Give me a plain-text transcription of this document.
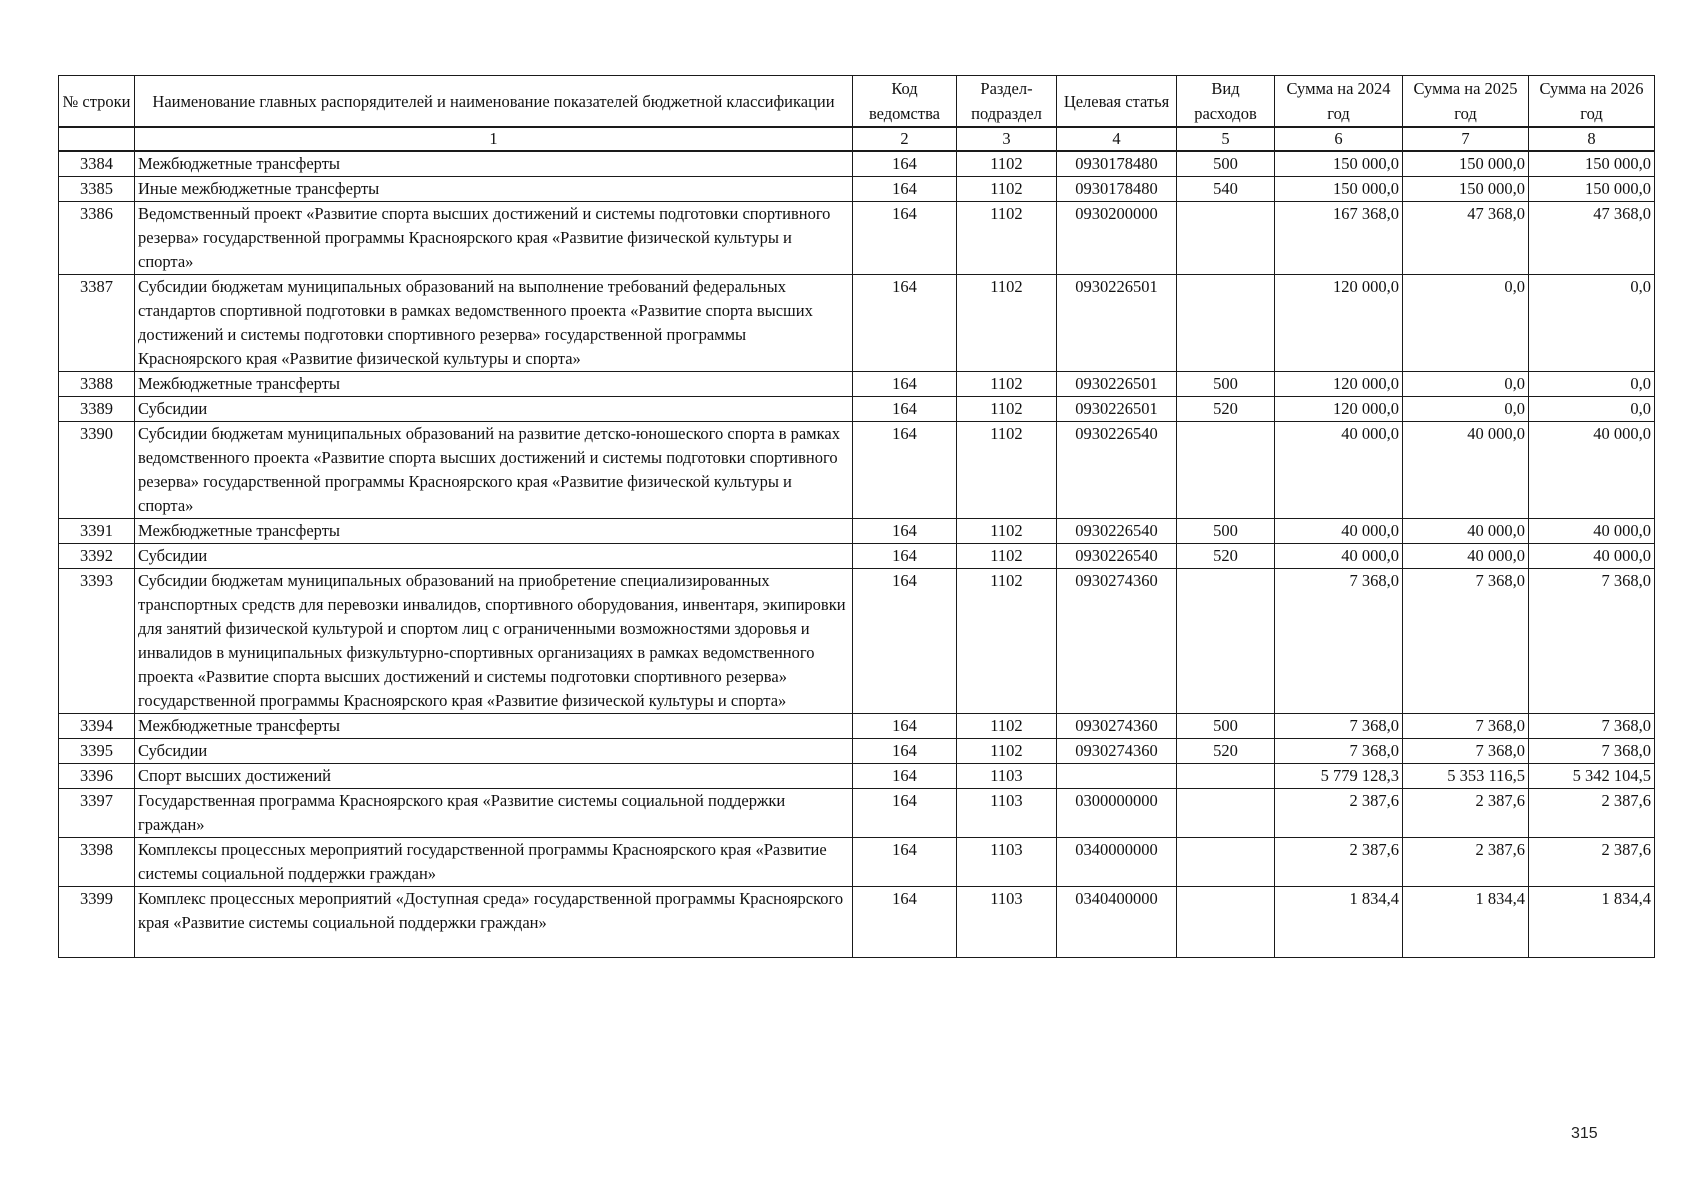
№ строки	Наименование главных распорядителей и наименование показателей бюджетной классификации	Код ведомства	Раздел-подраздел	Целевая статья	Вид расходов	Сумма на 2024 год	Сумма на 2025 год	Сумма на 2026 год
	1	2	3	4	5	6	7	8
3384	Межбюджетные трансферты	164	1102	0930178480	500	150 000,0	150 000,0	150 000,0
3385	Иные межбюджетные трансферты	164	1102	0930178480	540	150 000,0	150 000,0	150 000,0
3386	Ведомственный проект «Развитие спорта высших достижений и системы подготовки спортивного резерва» государственной программы Красноярского края «Развитие физической культуры и спорта»	164	1102	0930200000		167 368,0	47 368,0	47 368,0
3387	Субсидии бюджетам муниципальных образований на выполнение требований федеральных стандартов спортивной подготовки в рамках ведомственного проекта «Развитие спорта высших достижений и системы подготовки спортивного резерва» государственной программы Красноярского края «Развитие физической культуры и спорта»	164	1102	0930226501		120 000,0	0,0	0,0
3388	Межбюджетные трансферты	164	1102	0930226501	500	120 000,0	0,0	0,0
3389	Субсидии	164	1102	0930226501	520	120 000,0	0,0	0,0
3390	Субсидии бюджетам муниципальных образований на развитие детско-юношеского спорта в рамках ведомственного проекта «Развитие спорта высших достижений и системы подготовки спортивного резерва» государственной программы Красноярского края «Развитие физической культуры и спорта»	164	1102	0930226540		40 000,0	40 000,0	40 000,0
3391	Межбюджетные трансферты	164	1102	0930226540	500	40 000,0	40 000,0	40 000,0
3392	Субсидии	164	1102	0930226540	520	40 000,0	40 000,0	40 000,0
3393	Субсидии бюджетам муниципальных образований на приобретение специализированных транспортных средств для перевозки инвалидов, спортивного оборудования, инвентаря, экипировки для занятий физической культурой и спортом лиц с ограниченными возможностями здоровья и инвалидов в муниципальных физкультурно-спортивных организациях в рамках ведомственного проекта «Развитие спорта высших достижений и системы подготовки спортивного резерва» государственной программы Красноярского края «Развитие физической культуры и спорта»	164	1102	0930274360		7 368,0	7 368,0	7 368,0
3394	Межбюджетные трансферты	164	1102	0930274360	500	7 368,0	7 368,0	7 368,0
3395	Субсидии	164	1102	0930274360	520	7 368,0	7 368,0	7 368,0
3396	Спорт высших достижений	164	1103			5 779 128,3	5 353 116,5	5 342 104,5
3397	Государственная программа Красноярского края «Развитие системы социальной поддержки граждан»	164	1103	0300000000		2 387,6	2 387,6	2 387,6
3398	Комплексы процессных мероприятий государственной программы Красноярского края «Развитие системы социальной поддержки граждан»	164	1103	0340000000		2 387,6	2 387,6	2 387,6
3399	Комплекс процессных мероприятий «Доступная среда» государственной программы Красноярского края «Развитие системы социальной поддержки граждан»	164	1103	0340400000		1 834,4	1 834,4	1 834,4
315
